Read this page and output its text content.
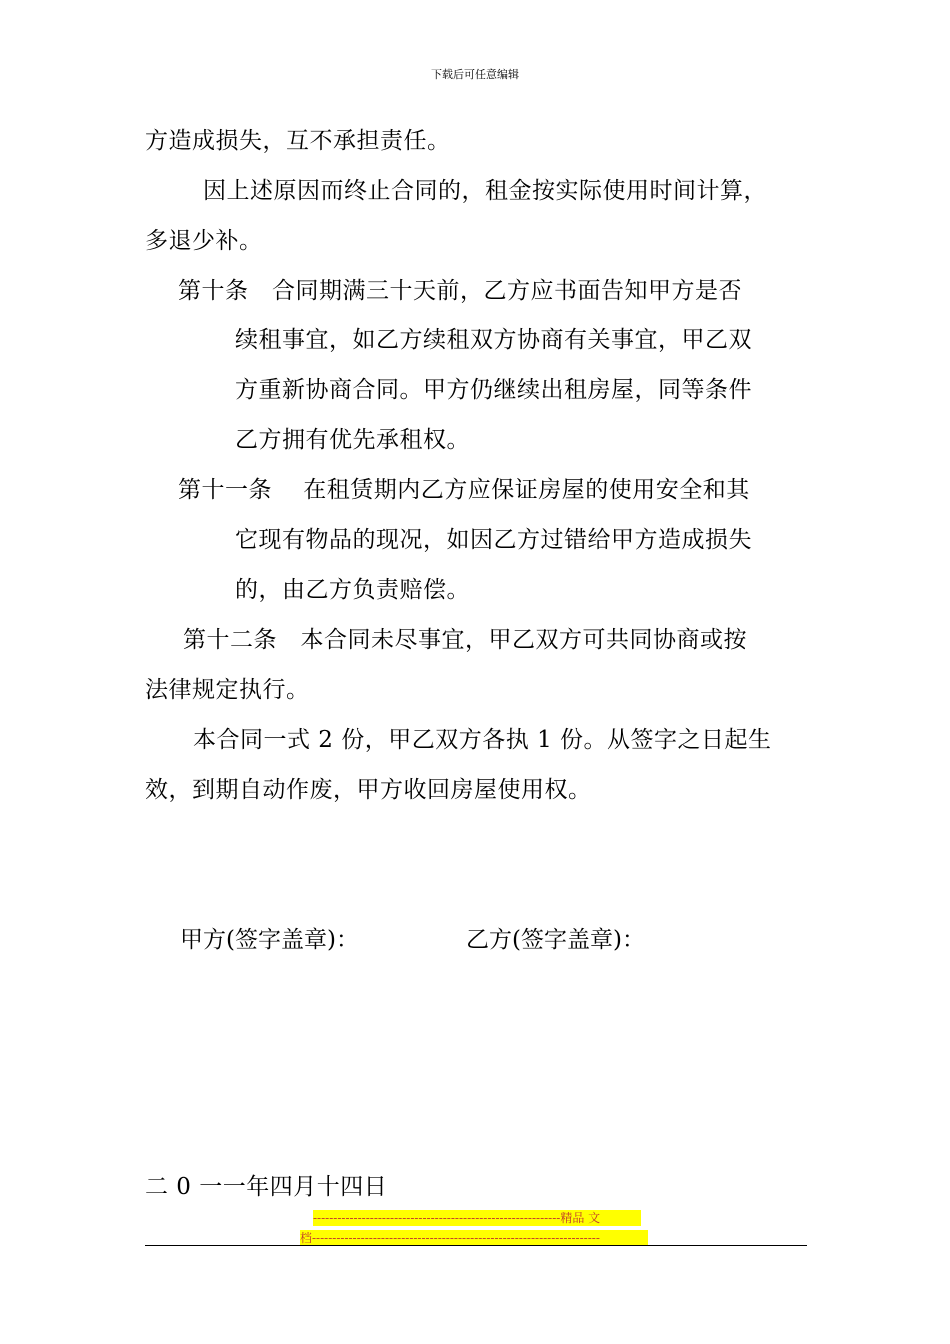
下载后可任意编辑
方造成损失，互不承担责任。
因上述原因而终止合同的，租金按实际使用时间计算，
多退少补。
第十条　合同期满三十天前，乙方应书面告知甲方是否
续租事宜，如乙方续租双方协商有关事宜，甲乙双
方重新协商合同。甲方仍继续出租房屋，同等条件
乙方拥有优先承租权。
第十一条　 在租赁期内乙方应保证房屋的使用安全和其
它现有物品的现况，如因乙方过错给甲方造成损失
的，由乙方负责赔偿。
第十二条　本合同未尽事宜，甲乙双方可共同协商或按
法律规定执行。
本合同一式 2 份，甲乙双方各执 1 份。从签字之日起生
效，到期自动作废，甲方收回房屋使用权。
甲方(签字盖章)：	乙方(签字盖章)：
二 0 一一年四月十四日
-------------------------------------------------------------精品 文
档-----------------------------------------------------------------------
